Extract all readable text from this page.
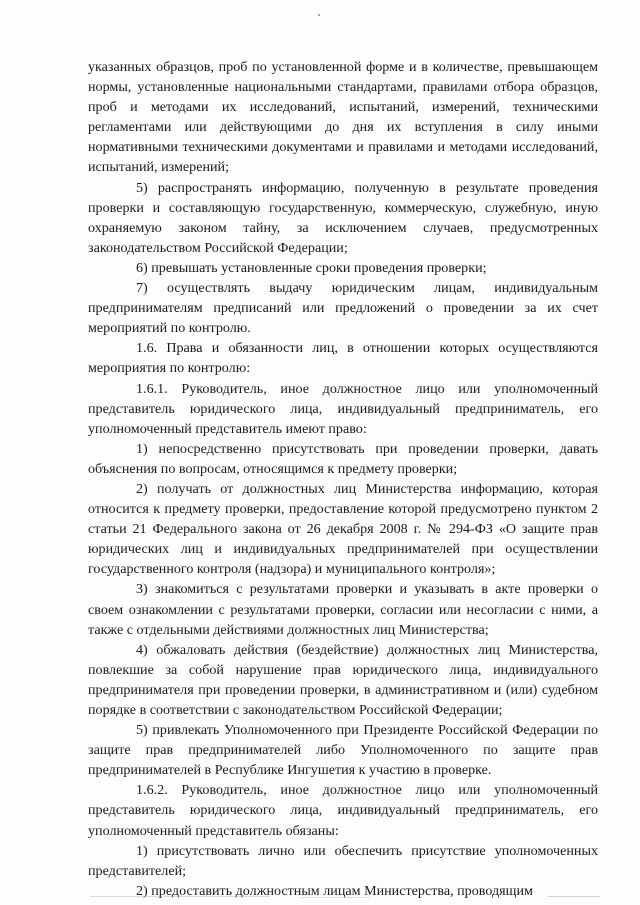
указанных образцов, проб по установленной форме и в количестве, превышающем нормы, установленные национальными стандартами, правилами отбора образцов, проб и методами их исследований, испытаний, измерений, техническими регламентами или действующими до дня их вступления в силу иными нормативными техническими документами и правилами и методами исследований, испытаний, измерений;

5) распространять информацию, полученную в результате проведения проверки и составляющую государственную, коммерческую, служебную, иную охраняемую законом тайну, за исключением случаев, предусмотренных законодательством Российской Федерации;

6) превышать установленные сроки проведения проверки;

7) осуществлять выдачу юридическим лицам, индивидуальным предпринимателям предписаний или предложений о проведении за их счет мероприятий по контролю.

1.6. Права и обязанности лиц, в отношении которых осуществляются мероприятия по контролю:

1.6.1. Руководитель, иное должностное лицо или уполномоченный представитель юридического лица, индивидуальный предприниматель, его уполномоченный представитель имеют право:

1) непосредственно присутствовать при проведении проверки, давать объяснения по вопросам, относящимся к предмету проверки;

2) получать от должностных лиц Министерства информацию, которая относится к предмету проверки, предоставление которой предусмотрено пунктом 2 статьи 21 Федерального закона от 26 декабря 2008 г. № 294-ФЗ «О защите прав юридических лиц и индивидуальных предпринимателей при осуществлении государственного контроля (надзора) и муниципального контроля»;

3) знакомиться с результатами проверки и указывать в акте проверки о своем ознакомлении с результатами проверки, согласии или несогласии с ними, а также с отдельными действиями должностных лиц Министерства;

4) обжаловать действия (бездействие) должностных лиц Министерства, повлекшие за собой нарушение прав юридического лица, индивидуального предпринимателя при проведении проверки, в административном и (или) судебном порядке в соответствии с законодательством Российской Федерации;

5) привлекать Уполномоченного при Президенте Российской Федерации по защите прав предпринимателей либо Уполномоченного по защите прав предпринимателей в Республике Ингушетия к участию в проверке.

1.6.2. Руководитель, иное должностное лицо или уполномоченный представитель юридического лица, индивидуальный предприниматель, его уполномоченный представитель обязаны:

1) присутствовать лично или обеспечить присутствие уполномоченных представителей;

2) предоставить должностным лицам Министерства, проводящим
